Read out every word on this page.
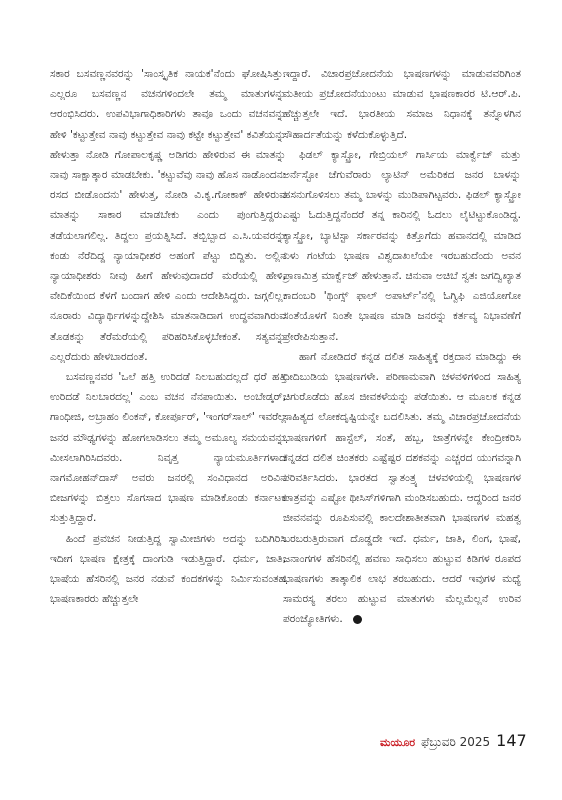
ಸಕಾರ ಬಸವಣ್ಣನವರನ್ನು 'ಸಾಂಸ್ಕೃತಿಕ ನಾಯಕ'ನೆಂದು ಘೋಷಿಸಿತ್ತು. ಎಲ್ಲರೂ ಬಸವಣ್ಣನ ವಚನಗಳಿಂದಲೇ ತಮ್ಮ ಮಾತುಗಳನ್ನು ಆರಂಭಿಸಿದರು. ಉಪವಿಭಾಗಾಧಿಕಾರಿಗಳು ತಾವೂ ಒಂದು ವಚನವನ್ನು ಹೇಳಿ 'ಕಟ್ಟುತ್ತೇವ ನಾವು ಕಟ್ಟುತ್ತೇವ ನಾವು ಕಟ್ಟೇ ಕಟ್ಟುತ್ತೇವ' ಕವಿತೆಯನ್ನು ಹೇಳುತ್ತಾ ನೋಡಿ ಗೋಪಾಲಕೃಷ್ಣ ಅಡಿಗರು ಹೇಳಿರುವ ಈ ಮಾತನ್ನು ನಾವು ಸಾಕ್ಷಾತ್ಕಾರ ಮಾಡಬೇಕು. 'ಕಟ್ಟುವೆವು ನಾವು ಹೊಸ ನಾಡೊಂದನು ರಸದ ಬೀಡೊಂದನು' ಹೇಳುತ್ತ, ನೋಡಿ ವಿ.ಕೃ.ಗೋಕಾಕ್ ಹೇಳಿರುವ ಮಾತನ್ನು ಸಾಕಾರ ಮಾಡಬೇಕು ಎಂದು ಪುಂಗುತ್ತಿದ್ದರು. ತಡೆಯಲಾಗಲಿಲ್ಲ. ತಿದ್ದಲು ಪ್ರಯತ್ನಿಸಿದೆ. ತಬ್ಬಿಬ್ಬಾದ ಎ.ಸಿ.ಯವರನ್ನು ಕಂಡು ನೆರೆದಿದ್ದ ನ್ಯಾಯಾಧೀಶರ ಅಹಂಗೆ ಪೆಟ್ಟು ಬಿದ್ದಿತು. ಅಲ್ಲಿನ ನ್ಯಾಯಾಧೀಶರು ನೀವು ಹೀಗೆ ಹೇಳುವುದಾದರೆ ಮರೆಯಲ್ಲಿ ಹೇಳಿ, ವೇದಿಕೆಯಿಂದ ಕೆಳಗೆ ಬಂದಾಗ ಹೇಳಿ ಎಂದು ಆದೇಶಿಸಿದ್ದರು. ಜಗ್ಗಲಿಲ್ಲ. ನೂರಾರು ವಿದ್ಯಾರ್ಥಿಗಳನ್ನುದ್ದೇಶಿಸಿ ಮಾತನಾಡಿದಾಗ ಉದ್ಧವವಾಗಿರುವ ತೊಡಕನ್ನು ತೆರೆಮರೆಯಲ್ಲಿ ಪರಿಹರಿಸಿಕೊಳ್ಳಬೇಕಂತೆ. ಸತ್ಯವನ್ನು ಎಲ್ಲರೆದುರು ಹೇಳಬಾರದಂತೆ.

ಬಸವಣ್ಣನವರ 'ಒಲೆ ಹತ್ತಿ ಉರಿದಡೆ ನಿಲಬಹುದಲ್ಲದೆ ಧರೆ ಹತ್ತಿ ಉರಿದಡೆ ನಿಲಬಾರದಲ್ಲ' ಎಂಬ ವಚನ ನೆನಪಾಯಿತು. ಅಂಬೇಡ್ಕರ್, ಗಾಂಧೀಜಿ, ಅಬ್ರಾಹಂ ಲಿಂಕನ್, ಕೋರ್ಪೂರ್, 'ಇಂಗರ್‌ಸಾಲ್' ಇವರೆಲ್ಲ ಜನರ ಮೌಢ್ಯಗಳನ್ನು ಹೋಗಲಾಡಿಸಲು ತಮ್ಮ ಅಮೂಲ್ಯ ಸಮಯವನ್ನು ಮೀಸಲಾಗಿರಿಸಿದವರು. ನಿವೃತ್ತ ನ್ಯಾಯಮೂರ್ತಿಗಳಾದ ನಾಗಮೋಹನ್‌ದಾಸ್ ಅವರು ಜನರಲ್ಲಿ ಸಂವಿಧಾನದ ಅರಿವಿನ ಬೀಜಗಳನ್ನು ಬಿತ್ತಲು ಸೊಗಸಾದ ಭಾಷಣ ಮಾಡಿಕೊಂಡು ಕರ್ನಾಟಕ ಸುತ್ತುತ್ತಿದ್ದಾರೆ.

ಹಿಂದೆ ಪ್ರವಚನ ನೀಡುತ್ತಿದ್ದ ಸ್ವಾಮೀಜಿಗಳು ಅದನ್ನು ಬದಿಗಿರಿಸಿ ಇದೀಗ ಭಾಷಣ ಕ್ಷೇತ್ರಕ್ಕೆ ದಾಂಗುಡಿ ಇಡುತ್ತಿದ್ದಾರೆ. ಧರ್ಮ, ಜಾತಿ, ಭಾಷೆಯ ಹೆಸರಿನಲ್ಲಿ ಜನರ ನಡುವೆ ಕಂದಕಗಳನ್ನು ನಿರ್ಮಿಸುವಂತಹ ಭಾಷಣಕಾರರು ಹೆಚ್ಚುತ್ತಲೇ

ಇದ್ದಾರೆ. ವಿಚಾರಪ್ರಚೋದನೆಯ ಭಾಷಣಗಳನ್ನು ಮಾಡುವವರಿಗಿಂತ ಮತೀಯ ಪ್ರಚೋದನೆಯುಂಟು ಮಾಡುವ ಭಾಷಣಕಾರರ ಟಿ.ಆರ್.ಪಿ. ಹೆಚ್ಚುತ್ತಲೇ ಇದೆ. ಭಾರತೀಯ ಸಮಾಜ ನಿಧಾನಕ್ಕೆ ತನ್ನೊಳಗಿನ ಸೌಹಾರ್ದತೆಯನ್ನು ಕಳೆದುಕೊಳ್ಳುತ್ತಿದೆ.

ಫಿಡಲ್ ಕ್ಯಾಸ್ಟ್ರೋ, ಗೇಬ್ರಿಯಲ್ ಗಾರ್ಸಿಯ ಮಾರ್ಕ್ವೆಜ್ ಮತ್ತು ಅರ್ನೆಸ್ಟೋ ಚೆಗುವೆರಾರು ಲ್ಯಾಟಿನ್ ಅಮೆರಿಕದ ಜನರ ಬಾಳನ್ನು ಹಸನುಗೊಳಿಸಲು ತಮ್ಮ ಬಾಳನ್ನು ಮುಡಿಪಾಗಿಟ್ಟವರು. ಫಿಡಲ್ ಕ್ಯಾಸ್ಟ್ರೋ ಎಷ್ಟು ಓದುತ್ತಿದ್ದನೆಂದರೆ ತನ್ನ ಕಾರಿನಲ್ಲಿ ಓದಲು ಲೈಟಿಟ್ಟುಕೊಂಡಿದ್ದ. ಕ್ಯಾಸ್ಟ್ರೋ, ಬ್ಯಾಟಿಸ್ಟಾ ಸರ್ಕಾರವನ್ನು ಕಿತ್ತೊಗೆದು ಹವಾನದಲ್ಲಿ ಮಾಡಿದ ಏಳು ಗಂಟೆಯ ಭಾಷಣ ವಿಶ್ವದಾಖಲೆಯೇ ಇರಬಹುದೆಂದು ಅವನ ಪ್ರಾಣಮಿತ್ರ ಮಾರ್ಕ್ವೆಜ್ ಹೇಳುತ್ತಾನೆ. ಚಿನುವಾ ಅಚಿಬೆ ಸ್ವತಃ ಜಗದ್ವಿಖ್ಯಾತ ಕಾದಂಬರಿ 'ಥಿಂಗ್ಸ್ ಫಾಲ್ ಅಪಾರ್ಟ್'ನಲ್ಲಿ ಓಗ್ವಿಫಿ ಎಜಿಯೋಗೋ ಸಂತೆಯೊಳಗೆ ನಿಂತೇ ಭಾಷಣ ಮಾಡಿ ಜನರನ್ನು ಕರ್ತವ್ಯ ನಿಭಾವಣೆಗೆ ಪ್ರೇರೇಪಿಸುತ್ತಾನೆ.

ಹಾಗೆ ನೋಡಿದರೆ ಕನ್ನಡ ದಲಿತ ಸಾಹಿತ್ಯಕ್ಕೆ ರಕ್ತದಾನ ಮಾಡಿದ್ದು ಈ ದೀದಿಬುಡಿಯ ಭಾಷಣಗಳೇ. ಪರಿಣಾಮವಾಗಿ ಚಳವಳಿಗಳಿಂದ ಸಾಹಿತ್ಯ ಚಿಗುರೊಡೆದು ಹೊಸ ಜೀವಕಳೆಯನ್ನು ಪಡೆಯಿತು. ಆ ಮೂಲಕ ಕನ್ನಡ ಸಾಹಿತ್ಯದ ಲೋಕದೃಷ್ಟಿಯನ್ನೇ ಬದಲಿಸಿತು. ತಮ್ಮ ವಿಚಾರಪ್ರಚೋದನೆಯ ಭಾಷಣಗಳಿಗೆ ಹಾಸ್ಟೆಲ್, ಸಂತೆ, ಹಬ್ಬ, ಜಾತ್ರೆಗಳನ್ನೇ ಕೇಂದ್ರೀಕರಿಸಿ ಕನ್ನಡದ ದಲಿತ ಚಿಂತಕರು ಎಷ್ಟೆಷ್ಟರ ದಶಕವನ್ನು ಎಚ್ಚರದ ಯುಗವನ್ನಾಗಿ ಪರಿವರ್ತಿಸಿದರು. ಭಾರತದ ಸ್ವಾತಂತ್ರ್ಯ ಚಳವಳಿಯಲ್ಲಿ ಭಾಷಣಗಳ ಪಾತ್ರವನ್ನು ಎಷ್ಟೋ ಥೀಸಿಸ್‌ಗಳಿಗಾಗಿ ಮಂಡಿಸಬಹುದು. ಆದ್ದರಿಂದ ಜನರ ಜೀವನವನ್ನು ರೂಪಿಸುವಲ್ಲಿ ಕಾಲದೇಶಾತೀತವಾಗಿ ಭಾಷಣಗಳ ಮಹತ್ವ ಬರಬರುತ್ತಿರುವಾಗ ದೊಡ್ಡದೇ ಇದೆ. ಧರ್ಮ, ಜಾತಿ, ಲಿಂಗ, ಭಾಷೆ, ಜನಾಂಗಗಳ ಹೆಸರಿನಲ್ಲಿ ಹವಣು ಸಾಧಿಸಲು ಹುಟ್ಟುವ ಕಿಡಿಗಳ ರೂಪದ ಭಾಷಣಗಳು ತಾತ್ಕಾಲಿಕ ಲಾಭ ತರಬಹುದು. ಆದರೆ ಇವುಗಳ ಮಧ್ಯೆ ಸಾಮರಸ್ಯ ತರಲು ಹುಟ್ಟುವ ಮಾತುಗಳು ಮೆಲ್ಲಮೆಲ್ಲನೆ ಉರಿವ ಪರಂಜ್ಯೋತಿಗಳು.

ಮಯೂರ ಫೆಬ್ರುವರಿ 2025 147
